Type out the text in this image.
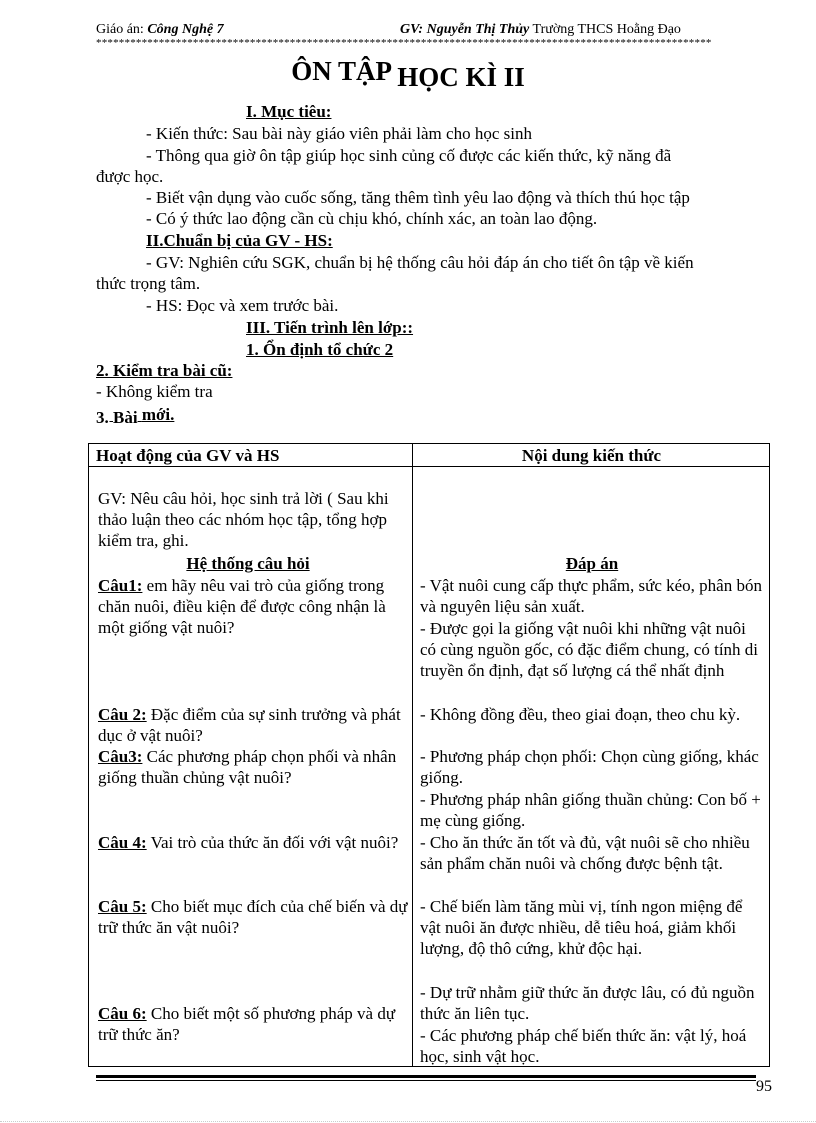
Giáo án: Công Nghệ 7	GV: Nguyễn Thị Thủy Trường THCS Hoằng Đạo
************************************************************************************************************
ÔN TẬP HỌC KÌ II
I. Mục tiêu:
- Kiến thức: Sau bài này giáo viên phải làm cho học sinh
- Thông qua giờ ôn tập giúp học sinh củng cố được các kiến thức, kỹ năng đã
được học.
- Biết vận dụng vào cuốc sống, tăng thêm tình yêu lao động và thích thú học tập
- Có ý thức lao động cần cù chịu khó, chính xác, an toàn lao động.
II.Chuẩn bị của GV - HS:
- GV: Nghiên cứu SGK, chuẩn bị hệ thống câu hỏi đáp án cho tiết ôn tập về kiến
thức trọng tâm.
- HS: Đọc và xem trước bài.
III. Tiến trình lên lớp::
1. Ổn định tổ chức 2
2. Kiểm tra bài cũ:
- Không kiểm tra
3. Bài mới.
Hoạt động của GV và HS	Nội dung kiến thức
GV: Nêu câu hỏi, học sinh trả lời ( Sau khi thảo luận theo các nhóm học tập, tổng hợp kiểm tra, ghi.
Hệ thống câu hỏi
Câu1: em hãy nêu vai trò của giống trong chăn nuôi, điều kiện để được công nhận là một giống vật nuôi?
Câu 2: Đặc điểm của sự sinh trưởng và phát dục ở vật nuôi?
Câu3: Các phương pháp chọn phối và nhân giống thuần chủng vật nuôi?
Câu 4: Vai trò của thức ăn đối với vật nuôi?
Câu 5: Cho biết mục đích của chế biến và dự trữ thức ăn vật nuôi?
Câu 6: Cho biết một số phương pháp và dự trữ thức ăn?
Đáp án
- Vật nuôi cung cấp thực phẩm, sức kéo, phân bón và nguyên liệu sản xuất.
- Được gọi la giống vật nuôi khi những vật nuôi có cùng nguồn gốc, có đặc điểm chung, có tính di truyền ổn định, đạt số lượng cá thể nhất định
- Không đồng đều, theo giai đoạn, theo chu kỳ.
- Phương pháp chọn phối: Chọn cùng giống, khác giống.
- Phương pháp nhân giống thuần chủng: Con bố + mẹ cùng giống.
- Cho ăn thức ăn tốt và đủ, vật nuôi sẽ cho nhiều sản phẩm chăn nuôi và chống được bệnh tật.
- Chế biến làm tăng mùi vị, tính ngon miệng để vật nuôi ăn được nhiều, dễ tiêu hoá, giảm khối lượng, độ thô cứng, khử độc hại.
- Dự trữ nhằm giữ thức ăn được lâu, có đủ nguồn thức ăn liên tục.
- Các phương pháp chế biến thức ăn: vật lý, hoá học, sinh vật học.
95
